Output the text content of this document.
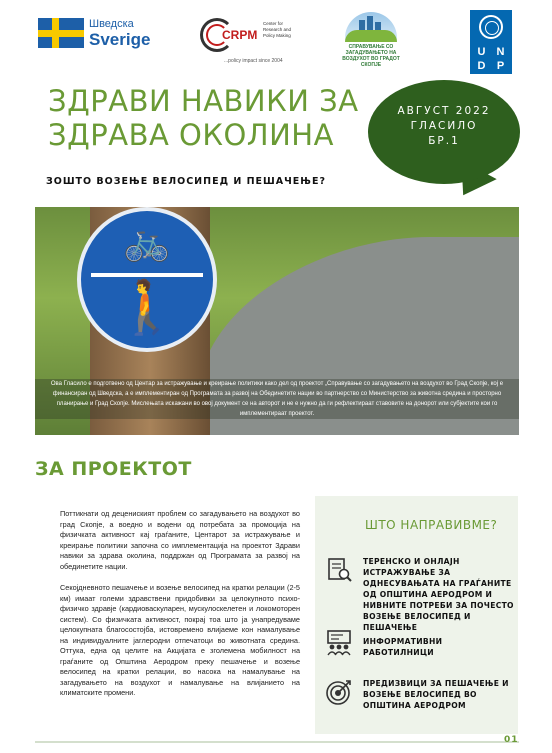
Шведска
Sverige	CRPM
Center for Research and Policy Making
...policy impact since 2004
СПРАВУВАЊЕ СО ЗАГАДУВАЊЕТО НА ВОЗДУХОТ ВО ГРАДОТ СКОПЈЕ
U	N
D	P
ЗДРАВИ НАВИКИ ЗА ЗДРАВА ОКОЛИНА
ЗОШТО ВОЗЕЊЕ ВЕЛОСИПЕД И ПЕШАЧЕЊЕ?
АВГУСТ 2022
ГЛАСИЛО
БР.1
🚲
🚶
Ова Гласило е подготвено од Центар за истражување и креирање политики како дел од проектот „Справување со загадувањето на воздухот во Град Скопје, кој е финансиран од Шведска, а е имплементиран од Програмата за развој на Обединетите нации во партнерство со Министерство за животна средина и просторно планирање и Град Скопје. Мислењата искажани во овој документ се на авторот и не е нужно да ги рефлектираат ставовите на донорот или субјектите кои го имплементираат проектот.
ЗА ПРОЕКТОТ

Поттикнати од децениският проблем со загадувањето на воздухот во град Скопје, а воедно и водени од потребата за промоција на физичката активност кај граѓаните, Центарот за истражување и креирање политики започна со имплементација на проектот Здрави навики за здрава околина, поддржан од Програмата за развој на обединетите нации.

Секојдневното пешачење и возење велосипед на кратки релации (2-5 км) имаат големи здравствени придобивки за целокупното психо-физичко здравје (кардиоваскуларен, мускулоскелетен и локомоторен систем). Со физичката активност, покрај тоа што ја унапредуваме целокупната благосостојба, истовремено влијаеме кон намалување на индивидуалните јаглеродни отпечатоци во животната средина. Оттука, една од целите на Акцијата е зголемена мобилност на граѓаните од Општина Аеродром преку пешачење и возење велосипед на кратки релации, во насока на намалување на загадувањето на воздухот и намалување на влијанието на климатските промени.

ШТО НАПРАВИВМЕ?
ТЕРЕНСКО И ОНЛАЈН ИСТРАЖУВАЊЕ ЗА ОДНЕСУВАЊАТА НА ГРАЃАНИТЕ ОД ОПШТИНА АЕРОДРОМ И НИВНИТЕ ПОТРЕБИ ЗА ПОЧЕСТО ВОЗЕЊЕ ВЕЛОСИПЕД И ПЕШАЧЕЊЕ
ИНФОРМАТИВНИ РАБОТИЛНИЦИ
ПРЕДИЗВИЦИ ЗА ПЕШАЧЕЊЕ И ВОЗЕЊЕ ВЕЛОСИПЕД ВО ОПШТИНА АЕРОДРОМ
01
